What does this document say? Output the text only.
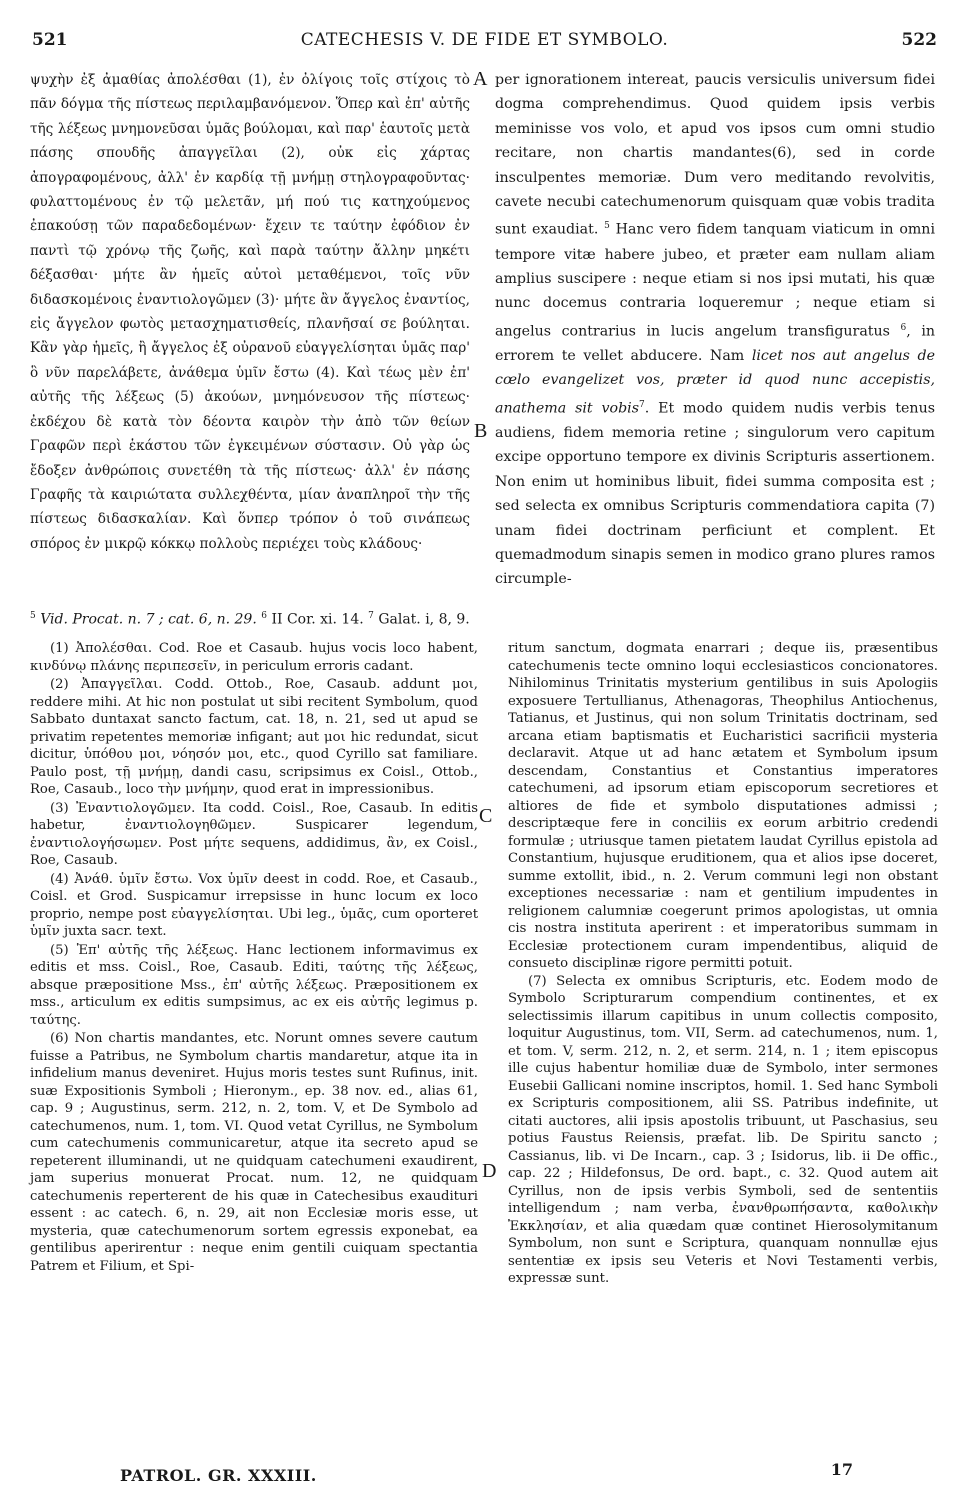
521	CATECHESIS V. DE FIDE ET SYMBOLO.	522

ψυχὴν ἐξ ἀμαθίας ἀπολέσθαι (1), ἐν ὀλίγοις τοῖς στίχοις τὸ πᾶν δόγμα τῆς πίστεως περιλαμβανόμενον. Ὅπερ καὶ ἐπ' αὐτῆς τῆς λέξεως μνημονεῦσαι ὑμᾶς βούλομαι, καὶ παρ' ἑαυτοῖς μετὰ πάσης σπουδῆς ἀπαγγεῖλαι (2), οὐκ εἰς χάρτας ἀπογραφομένους, ἀλλ' ἐν καρδίᾳ τῇ μνήμῃ στηλογραφοῦντας· φυλαττομένους ἐν τῷ μελετᾶν, μή πού τις κατηχούμενος ἐπακούσῃ τῶν παραδεδομένων· ἔχειν τε ταύτην ἐφόδιον ἐν παντὶ τῷ χρόνῳ τῆς ζωῆς, καὶ παρὰ ταύτην ἄλλην μηκέτι δέξασθαι· μήτε ἂν ἡμεῖς αὐτοὶ μεταθέμενοι, τοῖς νῦν διδασκομένοις ἐναντιολογῶμεν (3)· μήτε ἂν ἄγγελος ἐναντίος, εἰς ἄγγελον φωτὸς μετασχηματισθείς, πλανῆσαί σε βούληται. Κἂν γὰρ ἡμεῖς, ἢ ἄγγελος ἐξ οὐρανοῦ εὐαγγελίσηται ὑμᾶς παρ' ὃ νῦν παρελάβετε, ἀνάθεμα ὑμῖν ἔστω (4). Καὶ τέως μὲν ἐπ' αὐτῆς τῆς λέξεως (5) ἀκούων, μνημόνευσον τῆς πίστεως· ἐκδέχου δὲ κατὰ τὸν δέοντα καιρὸν τὴν ἀπὸ τῶν θείων Γραφῶν περὶ ἑκάστου τῶν ἐγκειμένων σύστασιν. Οὐ γὰρ ὡς ἔδοξεν ἀνθρώποις συνετέθη τὰ τῆς πίστεως· ἀλλ' ἐν πάσης Γραφῆς τὰ καιριώτατα συλλεχθέντα, μίαν ἀναπληροῖ τὴν τῆς πίστεως διδασκαλίαν. Καὶ ὅνπερ τρόπον ὁ τοῦ σινάπεως σπόρος ἐν μικρῷ κόκκῳ πολλοὺς περιέχει τοὺς κλάδους·

per ignorationem intereat, paucis versiculis universum fidei dogma comprehendimus. Quod quidem ipsis verbis meminisse vos volo, et apud vos ipsos cum omni studio recitare, non chartis mandantes(6), sed in corde insculpentes memoriæ. Dum vero meditando revolvitis, cavete necubi catechumenorum quisquam quæ vobis tradita sunt exaudiat. $^5$ Hanc vero fidem tanquam viaticum in omni tempore vitæ habere jubeo, et præter eam nullam aliam amplius suscipere : neque etiam si nos ipsi mutati, his quæ nunc docemus contraria loqueremur ; neque etiam si angelus contrarius in lucis angelum transfiguratus $^6$, in errorem te vellet abducere. Nam licet nos aut angelus de cœlo evangelizet vos, præter id quod nunc accepistis, anathema sit vobis$^7$. Et modo quidem nudis verbis tenus audiens, fidem memoria retine ; singulorum vero capitum excipe opportuno tempore ex divinis Scripturis assertionem. Non enim ut hominibus libuit, fidei summa composita est ; sed selecta ex omnibus Scripturis commendatiora capita (7) unam fidei doctrinam perficiunt et complent. Et quemadmodum sinapis semen in modico grano plures ramos circumple-
A
B
C
D
$^5$ Vid. Procat. n. 7 ; cat. 6, n. 29. $^6$ II Cor. xi. 14. $^7$ Galat. i, 8, 9.

(1) Ἀπολέσθαι. Cod. Roe et Casaub. hujus vocis loco habent, κινδύνῳ πλάνης περιπεσεῖν, in periculum erroris cadant.

(2) Ἀπαγγεῖλαι. Codd. Ottob., Roe, Casaub. addunt μοι, reddere mihi. At hic non postulat ut sibi recitent Symbolum, quod Sabbato duntaxat sancto factum, cat. 18, n. 21, sed ut apud se privatim repetentes memoriæ infigant; aut μοι hic redundat, sicut dicitur, ὑπόθου μοι, νόησόν μοι, etc., quod Cyrillo sat familiare. Paulo post, τῇ μνήμῃ, dandi casu, scripsimus ex Coisl., Ottob., Roe, Casaub., loco τὴν μνήμην, quod erat in impressionibus.

(3) Ἐναντιολογῶμεν. Ita codd. Coisl., Roe, Casaub. In editis habetur, ἐναντιολογηθῶμεν. Suspicarer legendum, ἐναντιολογήσωμεν. Post μήτε sequens, addidimus, ἂν, ex Coisl., Roe, Casaub.

(4) Ἀνάθ. ὑμῖν ἔστω. Vox ὑμῖν deest in codd. Roe, et Casaub., Coisl. et Grod. Suspicamur irrepsisse in hunc locum ex loco proprio, nempe post εὐαγγελίσηται. Ubi leg., ὑμᾶς, cum oporteret ὑμῖν juxta sacr. text.

(5) Ἐπ' αὐτῆς τῆς λέξεως. Hanc lectionem informavimus ex editis et mss. Coisl., Roe, Casaub. Editi, ταύτης τῆς λέξεως, absque præpositione Mss., ἐπ' αὐτῆς λέξεως. Præpositionem ex mss., articulum ex editis sumpsimus, ac ex eis αὐτῆς legimus p. ταύτης.

(6) Non chartis mandantes, etc. Norunt omnes severe cautum fuisse a Patribus, ne Symbolum chartis mandaretur, atque ita in infidelium manus deveniret. Hujus moris testes sunt Rufinus, init. suæ Expositionis Symboli ; Hieronym., ep. 38 nov. ed., alias 61, cap. 9 ; Augustinus, serm. 212, n. 2, tom. V, et De Symbolo ad catechumenos, num. 1, tom. VI. Quod vetat Cyrillus, ne Symbolum cum catechumenis communicaretur, atque ita secreto apud se repeterent illuminandi, ut ne quidquam catechumeni exaudirent, jam superius monuerat Procat. num. 12, ne quidquam catechumenis reperterent de his quæ in Catechesibus exaudituri essent : ac catech. 6, n. 29, ait non Ecclesiæ moris esse, ut mysteria, quæ catechumenorum sortem egressis exponebat, ea gentilibus aperirentur : neque enim gentili cuiquam spectantia Patrem et Filium, et Spi-

ritum sanctum, dogmata enarrari ; deque iis, præsentibus catechumenis tecte omnino loqui ecclesiasticos concionatores. Nihilominus Trinitatis mysterium gentilibus in suis Apologiis exposuere Tertullianus, Athenagoras, Theophilus Antiochenus, Tatianus, et Justinus, qui non solum Trinitatis doctrinam, sed arcana etiam baptismatis et Eucharistici sacrificii mysteria declaravit. Atque ut ad hanc ætatem et Symbolum ipsum descendam, Constantius et Constantius imperatores catechumeni, ad ipsorum etiam episcoporum secretiores et altiores de fide et symbolo disputationes admissi ; descriptæque fere in conciliis ex eorum arbitrio credendi formulæ ; utriusque tamen pietatem laudat Cyrillus epistola ad Constantium, hujusque eruditionem, qua et alios ipse doceret, summe extollit, ibid., n. 2. Verum communi legi non obstant exceptiones necessariæ : nam et gentilium impudentes in religionem calumniæ coegerunt primos apologistas, ut omnia cis nostra instituta aperirent : et imperatoribus summam in Ecclesiæ protectionem curam impendentibus, aliquid de consueto disciplinæ rigore permitti potuit.

(7) Selecta ex omnibus Scripturis, etc. Eodem modo de Symbolo Scripturarum compendium continentes, et ex selectissimis illarum capitibus in unum collectis composito, loquitur Augustinus, tom. VII, Serm. ad catechumenos, num. 1, et tom. V, serm. 212, n. 2, et serm. 214, n. 1 ; item episcopus ille cujus habentur homiliæ duæ de Symbolo, inter sermones Eusebii Gallicani nomine inscriptos, homil. 1. Sed hanc Symboli ex Scripturis compositionem, alii SS. Patribus indefinite, ut citati auctores, alii ipsis apostolis tribuunt, ut Paschasius, seu potius Faustus Reiensis, præfat. lib. De Spiritu sancto ; Cassianus, lib. vi De Incarn., cap. 3 ; Isidorus, lib. ii De offic., cap. 22 ; Hildefonsus, De ord. bapt., c. 32. Quod autem ait Cyrillus, non de ipsis verbis Symboli, sed de sententiis intelligendum ; nam verba, ἐνανθρωπήσαντα, καθολικὴν Ἐκκλησίαν, et alia quædam quæ continet Hierosolymitanum Symbolum, non sunt e Scriptura, quanquam nonnullæ ejus sententiæ ex ipsis seu Veteris et Novi Testamenti verbis, expressæ sunt.

PATROL. GR. XXXIII.	17
